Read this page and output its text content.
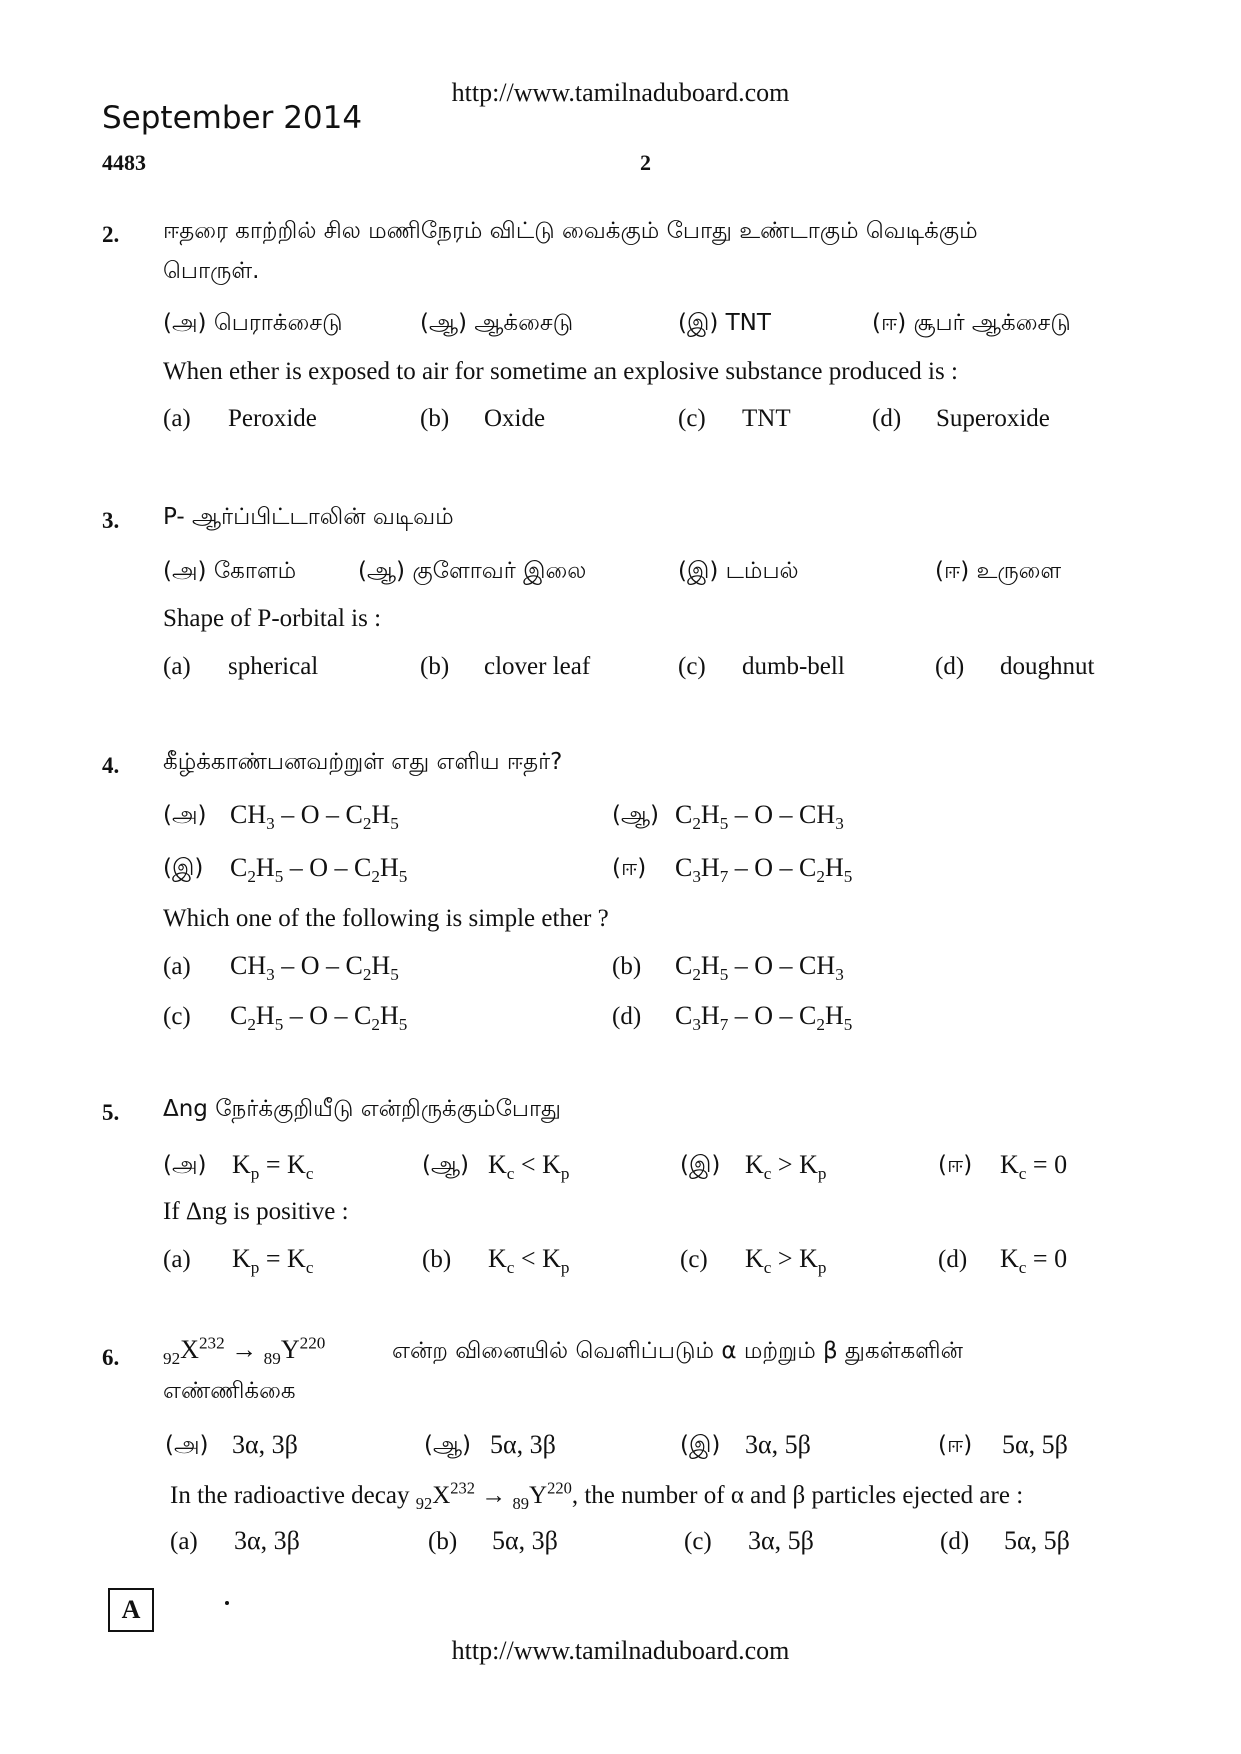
http://www.tamilnaduboard.com
September 2014
4483	2
2. ஈதரை காற்றில் சில மணிநேரம் விட்டு வைக்கும் போது உண்டாகும் வெடிக்கும்
பொருள்.
(அ) பெராக்சைடு	(ஆ) ஆக்சைடு	(இ) TNT	(ஈ) சூபர் ஆக்சைடு
When ether is exposed to air for sometime an explosive substance produced is :
(a) Peroxide	(b) Oxide	(c) TNT	(d) Superoxide
3. P- ஆர்ப்பிட்டாலின் வடிவம்
(அ) கோளம்	(ஆ) குளோவர் இலை	(இ) டம்பல்	(ஈ) உருளை
Shape of P-orbital is :
(a) spherical	(b) clover leaf	(c) dumb-bell	(d) doughnut
4. கீழ்க்காண்பனவற்றுள் எது எளிய ஈதர்?
(அ) $CH_3$ – O – $C_2H_5$	(ஆ) $C_2H_5$ – O – $CH_3$
(இ) $C_2H_5$ – O – $C_2H_5$	(ஈ) $C_3H_7$ – O – $C_2H_5$
Which one of the following is simple ether ?
(a) $CH_3$ – O – $C_2H_5$	(b) $C_2H_5$ – O – $CH_3$
(c) $C_2H_5$ – O – $C_2H_5$	(d) $C_3H_7$ – O – $C_2H_5$
5. Δng நேர்க்குறியீடு என்றிருக்கும்போது
(அ) $K_p = K_c$	(ஆ) $K_c < K_p$	(இ) $K_c > K_p$	(ஈ) $K_c = 0$
If Δng is positive :
(a) $K_p = K_c$	(b) $K_c < K_p$	(c) $K_c > K_p$	(d) $K_c = 0$
6.	$_{92}X^{232} \to _{89}Y^{220}$	என்ற வினையில் வெளிப்படும் α மற்றும் β துகள்களின்
எண்ணிக்கை
(அ) 3α, 3β	(ஆ) 5α, 3β	(இ) 3α, 5β	(ஈ) 5α, 5β
In the radioactive decay $_{92}X^{232} \to _{89}Y^{220}$, the number of α and β particles ejected are :
(a) 3α, 3β	(b) 5α, 3β	(c) 3α, 5β	(d) 5α, 5β
A
http://www.tamilnaduboard.com
